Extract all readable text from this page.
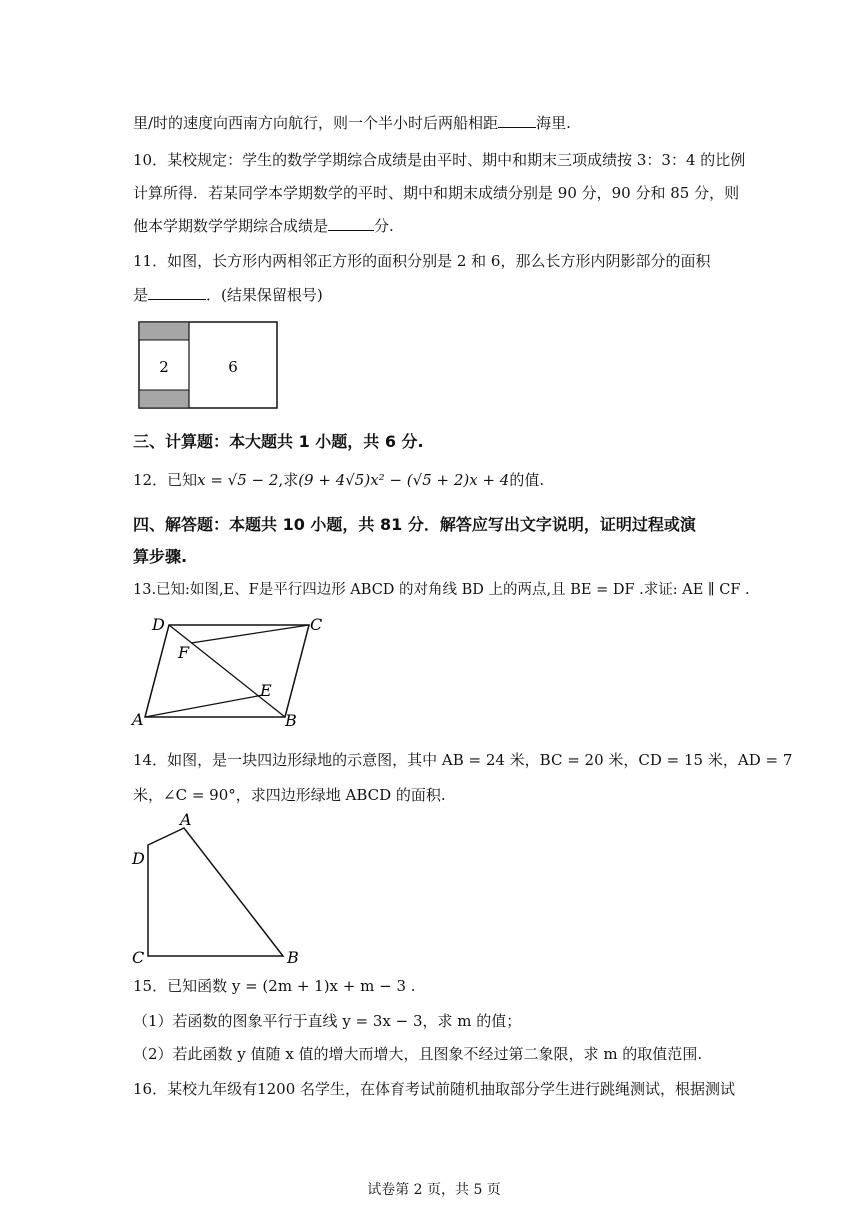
里/时的速度向西南方向航行，则一个半小时后两船相距	海里.
10．某校规定：学生的数学学期综合成绩是由平时、期中和期末三项成绩按 3：3：4 的比例
计算所得．若某同学本学期数学的平时、期中和期末成绩分别是 90 分，90 分和 85 分，则
他本学期数学学期综合成绩是	分.
11．如图，长方形内两相邻正方形的面积分别是 2 和 6，那么长方形内阴影部分的面积
是	．(结果保留根号)
2	6
三、计算题：本大题共 1 小题，共 6 分.
12．已知x = √5 − 2,求(9 + 4√5)x² − (√5 + 2)x + 4的值.
四、解答题：本题共 10 小题，共 81 分．解答应写出文字说明，证明过程或演
算步骤.
13.已知:如图,E、F是平行四边形 ABCD 的对角线 BD 上的两点,且 BE = DF .求证: AE ∥ CF .
A	B
C
D
E
F
14．如图，是一块四边形绿地的示意图，其中 AB = 24 米，BC = 20 米，CD = 15 米，AD = 7
米，∠C = 90°，求四边形绿地 ABCD 的面积.
A
B
C
D
15．已知函数 y = (2m + 1)x + m − 3 .
（1）若函数的图象平行于直线 y = 3x − 3，求 m 的值；
（2）若此函数 y 值随 x 值的增大而增大，且图象不经过第二象限，求 m 的取值范围.
16．某校九年级有1200 名学生，在体育考试前随机抽取部分学生进行跳绳测试，根据测试
试卷第 2 页，共 5 页
